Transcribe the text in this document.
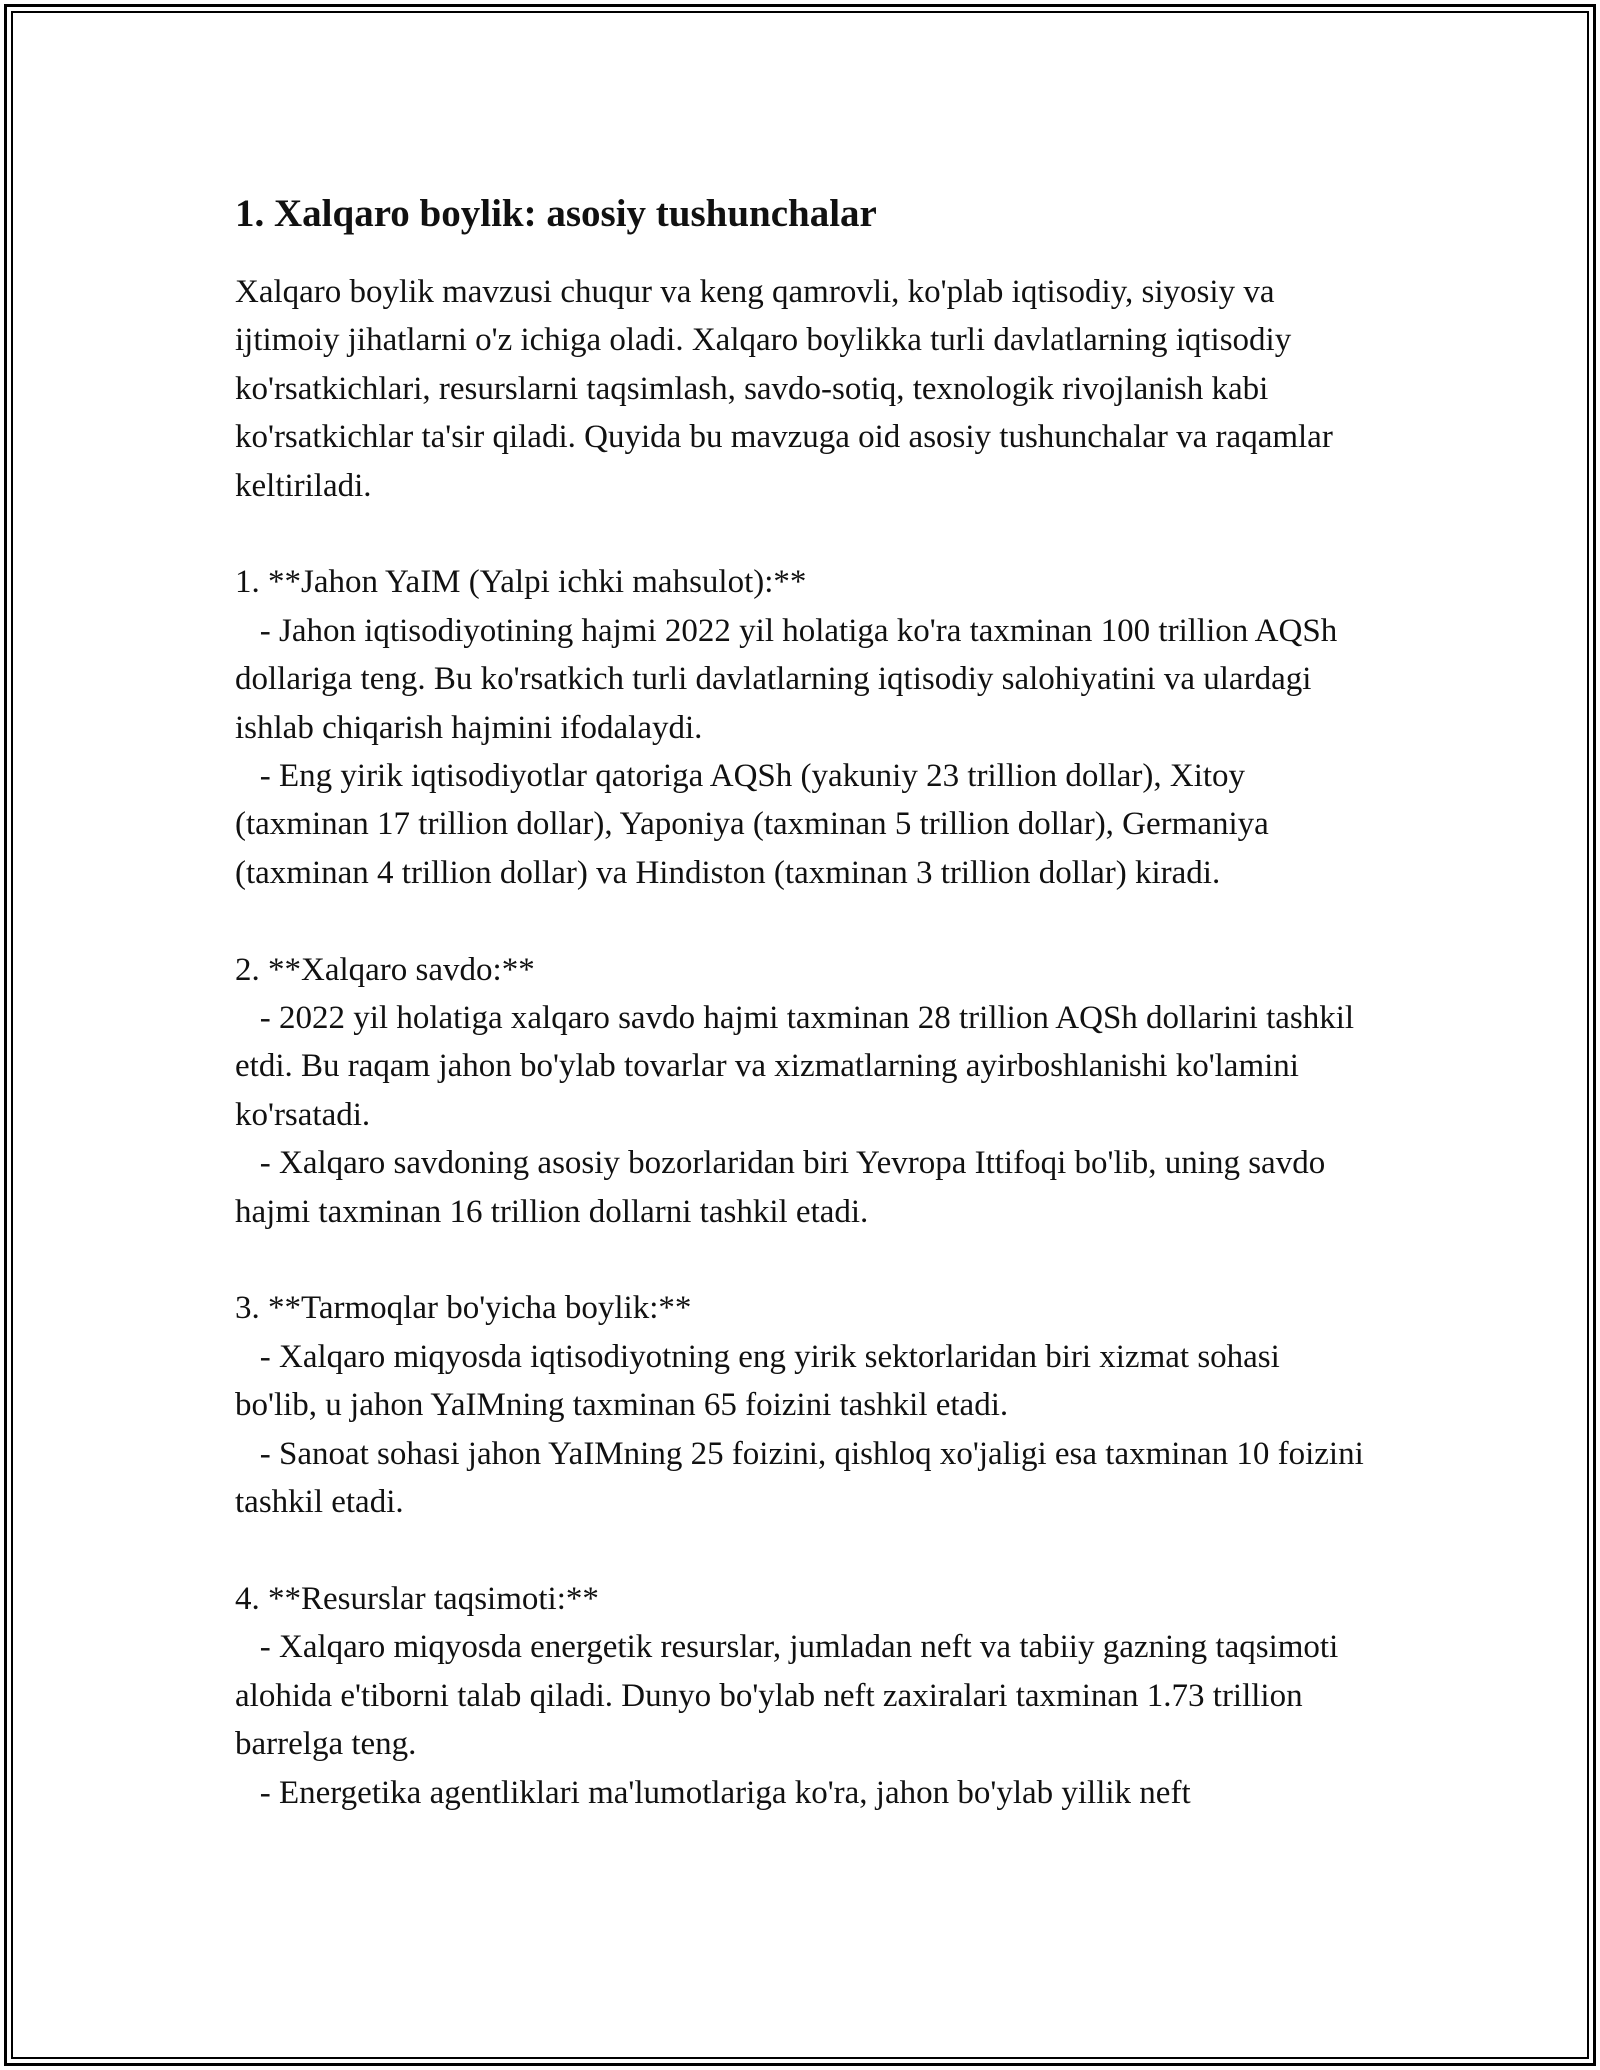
1. Xalqaro boylik: asosiy tushunchalar

Xalqaro boylik mavzusi chuqur va keng qamrovli, ko'plab iqtisodiy, siyosiy va ijtimoiy jihatlarni o'z ichiga oladi. Xalqaro boylikka turli davlatlarning iqtisodiy ko'rsatkichlari, resurslarni taqsimlash, savdo-sotiq, texnologik rivojlanish kabi ko'rsatkichlar ta'sir qiladi. Quyida bu mavzuga oid asosiy tushunchalar va raqamlar keltiriladi.

1. **Jahon YaIM (Yalpi ichki mahsulot):**

- Jahon iqtisodiyotining hajmi 2022 yil holatiga ko'ra taxminan 100 trillion AQSh dollariga teng. Bu ko'rsatkich turli davlatlarning iqtisodiy salohiyatini va ulardagi ishlab chiqarish hajmini ifodalaydi.

- Eng yirik iqtisodiyotlar qatoriga AQSh (yakuniy 23 trillion dollar), Xitoy (taxminan 17 trillion dollar), Yaponiya (taxminan 5 trillion dollar), Germaniya (taxminan 4 trillion dollar) va Hindiston (taxminan 3 trillion dollar) kiradi.

2. **Xalqaro savdo:**

- 2022 yil holatiga xalqaro savdo hajmi taxminan 28 trillion AQSh dollarini tashkil etdi. Bu raqam jahon bo'ylab tovarlar va xizmatlarning ayirboshlanishi ko'lamini ko'rsatadi.

- Xalqaro savdoning asosiy bozorlaridan biri Yevropa Ittifoqi bo'lib, uning savdo hajmi taxminan 16 trillion dollarni tashkil etadi.

3. **Tarmoqlar bo'yicha boylik:**

- Xalqaro miqyosda iqtisodiyotning eng yirik sektorlaridan biri xizmat sohasi bo'lib, u jahon YaIMning taxminan 65 foizini tashkil etadi.

- Sanoat sohasi jahon YaIMning 25 foizini, qishloq xo'jaligi esa taxminan 10 foizini tashkil etadi.

4. **Resurslar taqsimoti:**

- Xalqaro miqyosda energetik resurslar, jumladan neft va tabiiy gazning taqsimoti alohida e'tiborni talab qiladi. Dunyo bo'ylab neft zaxiralari taxminan 1.73 trillion barrelga teng.

- Energetika agentliklari ma'lumotlariga ko'ra, jahon bo'ylab yillik neft
